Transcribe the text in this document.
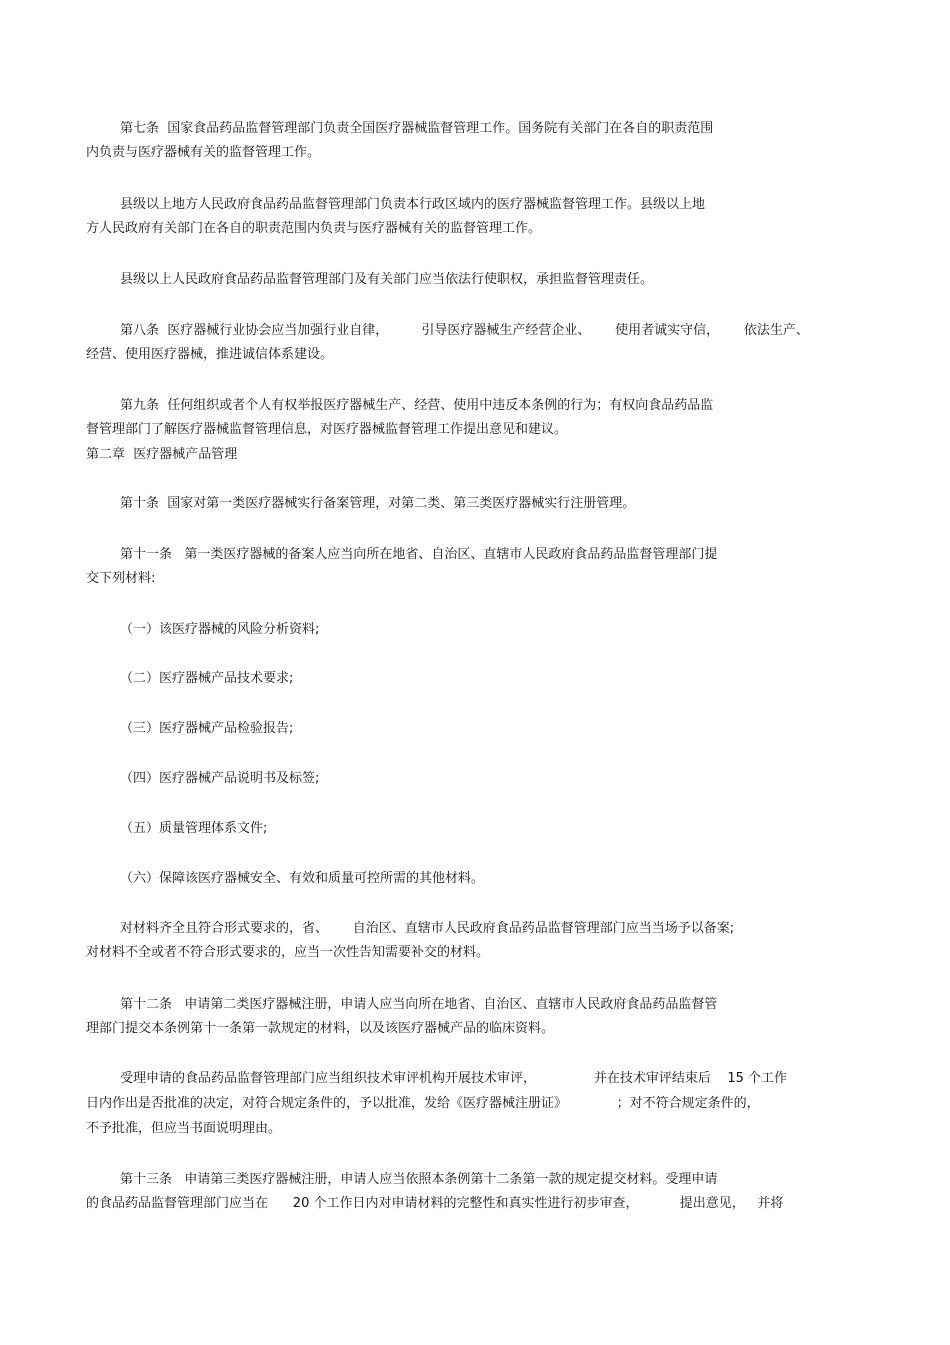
第七条  国家食品药品监督管理部门负责全国医疗器械监督管理工作。国务院有关部门在各自的职责范围
内负责与医疗器械有关的监督管理工作。
县级以上地方人民政府食品药品监督管理部门负责本行政区域内的医疗器械监督管理工作。县级以上地
方人民政府有关部门在各自的职责范围内负责与医疗器械有关的监督管理工作。
县级以上人民政府食品药品监督管理部门及有关部门应当依法行使职权，承担监督管理责任。
第八条  医疗器械行业协会应当加强行业自律，        引导医疗器械生产经营企业、      使用者诚实守信，      依法生产、
经营、使用医疗器械，推进诚信体系建设。
第九条  任何组织或者个人有权举报医疗器械生产、经营、使用中违反本条例的行为；有权向食品药品监
督管理部门了解医疗器械监督管理信息，对医疗器械监督管理工作提出意见和建议。
第二章  医疗器械产品管理
第十条  国家对第一类医疗器械实行备案管理，对第二类、第三类医疗器械实行注册管理。
第十一条   第一类医疗器械的备案人应当向所在地省、自治区、直辖市人民政府食品药品监督管理部门提
交下列材料:
（一）该医疗器械的风险分析资料;
（二）医疗器械产品技术要求;
（三）医疗器械产品检验报告;
（四）医疗器械产品说明书及标签;
（五）质量管理体系文件;
（六）保障该医疗器械安全、有效和质量可控所需的其他材料。
对材料齐全且符合形式要求的，省、      自治区、直辖市人民政府食品药品监督管理部门应当当场予以备案;
对材料不全或者不符合形式要求的，应当一次性告知需要补交的材料。
第十二条   申请第二类医疗器械注册，申请人应当向所在地省、自治区、直辖市人民政府食品药品监督管
理部门提交本条例第十一条第一款规定的材料，以及该医疗器械产品的临床资料。
受理申请的食品药品监督管理部门应当组织技术审评机构开展技术审评，              并在技术审评结束后    15 个工作
日内作出是否批准的决定，对符合规定条件的，予以批准，发给《医疗器械注册证》            ；对不符合规定条件的，
不予批准，但应当书面说明理由。
第十三条   申请第三类医疗器械注册，申请人应当依照本条例第十二条第一款的规定提交材料。受理申请
的食品药品监督管理部门应当在      20 个工作日内对申请材料的完整性和真实性进行初步审查，          提出意见，   并将
